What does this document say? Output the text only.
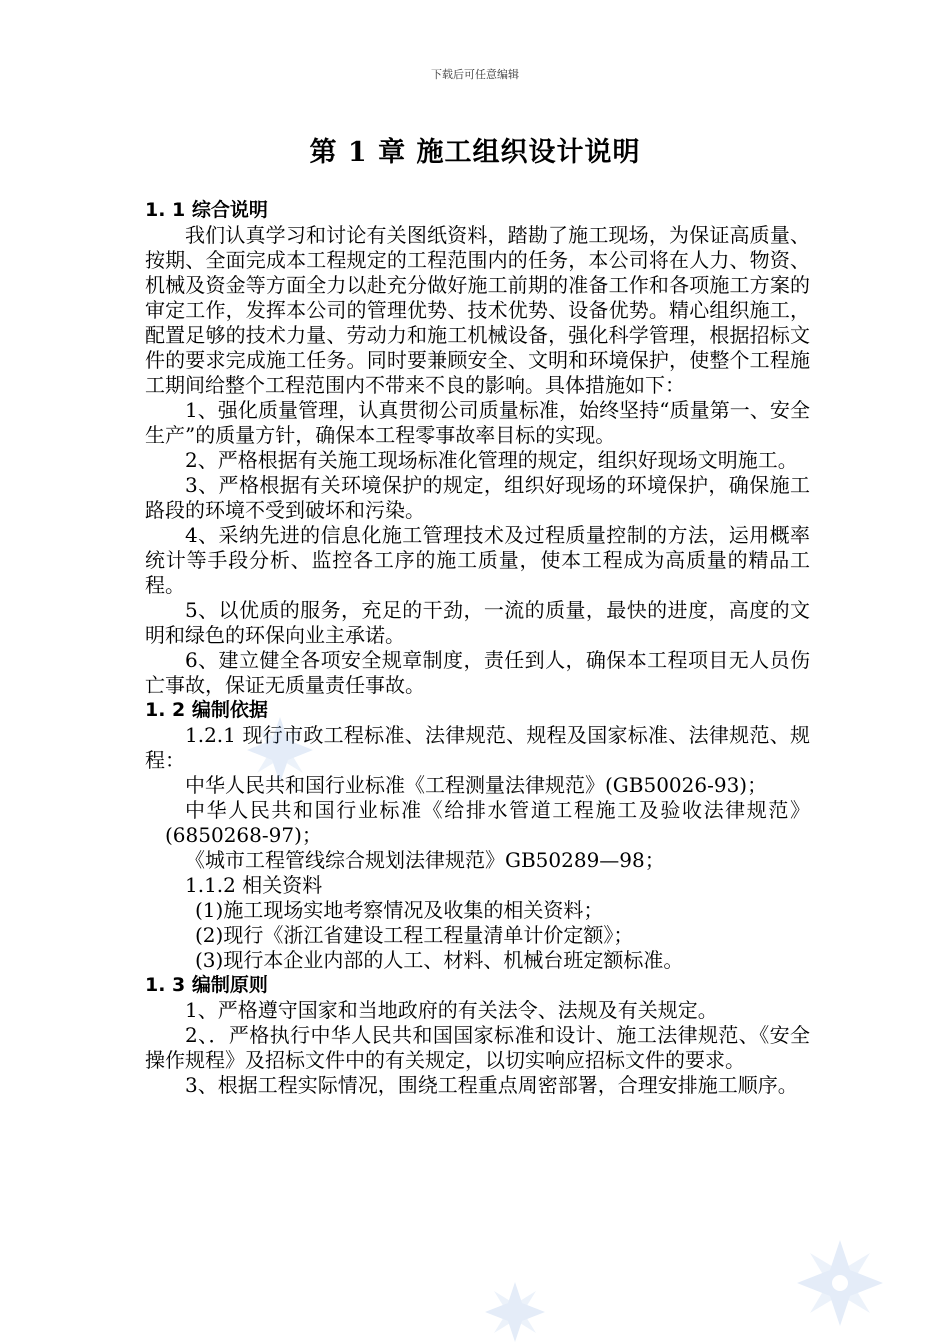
下载后可任意编辑
第 1 章 施工组织设计说明
1. 1 综合说明

我们认真学习和讨论有关图纸资料，踏勘了施工现场，为保证高质量、按期、全面完成本工程规定的工程范围内的任务，本公司将在人力、物资、机械及资金等方面全力以赴充分做好施工前期的准备工作和各项施工方案的审定工作，发挥本公司的管理优势、技术优势、设备优势。精心组织施工，配置足够的技术力量、劳动力和施工机械设备，强化科学管理，根据招标文件的要求完成施工任务。同时要兼顾安全、文明和环境保护，使整个工程施工期间给整个工程范围内不带来不良的影响。具体措施如下：

1、强化质量管理，认真贯彻公司质量标准，始终坚持“质量第一、安全生产”的质量方针，确保本工程零事故率目标的实现。

2、严格根据有关施工现场标准化管理的规定，组织好现场文明施工。

3、严格根据有关环境保护的规定，组织好现场的环境保护，确保施工路段的环境不受到破坏和污染。

4、采纳先进的信息化施工管理技术及过程质量控制的方法，运用概率统计等手段分析、监控各工序的施工质量，使本工程成为高质量的精品工程。

5、以优质的服务，充足的干劲，一流的质量，最快的进度，高度的文明和绿色的环保向业主承诺。

6、建立健全各项安全规章制度，责任到人，确保本工程项目无人员伤亡事故，保证无质量责任事故。

1. 2 编制依据

1.2.1 现行市政工程标准、法律规范、规程及国家标准、法律规范、规程：

中华人民共和国行业标准《工程测量法律规范》(GB50026-93)；

中华人民共和国行业标准《给排水管道工程施工及验收法律规范》(6850268-97)；

《城市工程管线综合规划法律规范》GB50289—98；

1.1.2 相关资料

(1)施工现场实地考察情况及收集的相关资料；

(2)现行《浙江省建设工程工程量清单计价定额》；

(3)现行本企业内部的人工、材料、机械台班定额标准。

1. 3 编制原则

1、严格遵守国家和当地政府的有关法令、法规及有关规定。

2、．严格执行中华人民共和国国家标准和设计、施工法律规范、《安全操作规程》及招标文件中的有关规定，以切实响应招标文件的要求。

3、根据工程实际情况，围绕工程重点周密部署，合理安排施工顺序。
